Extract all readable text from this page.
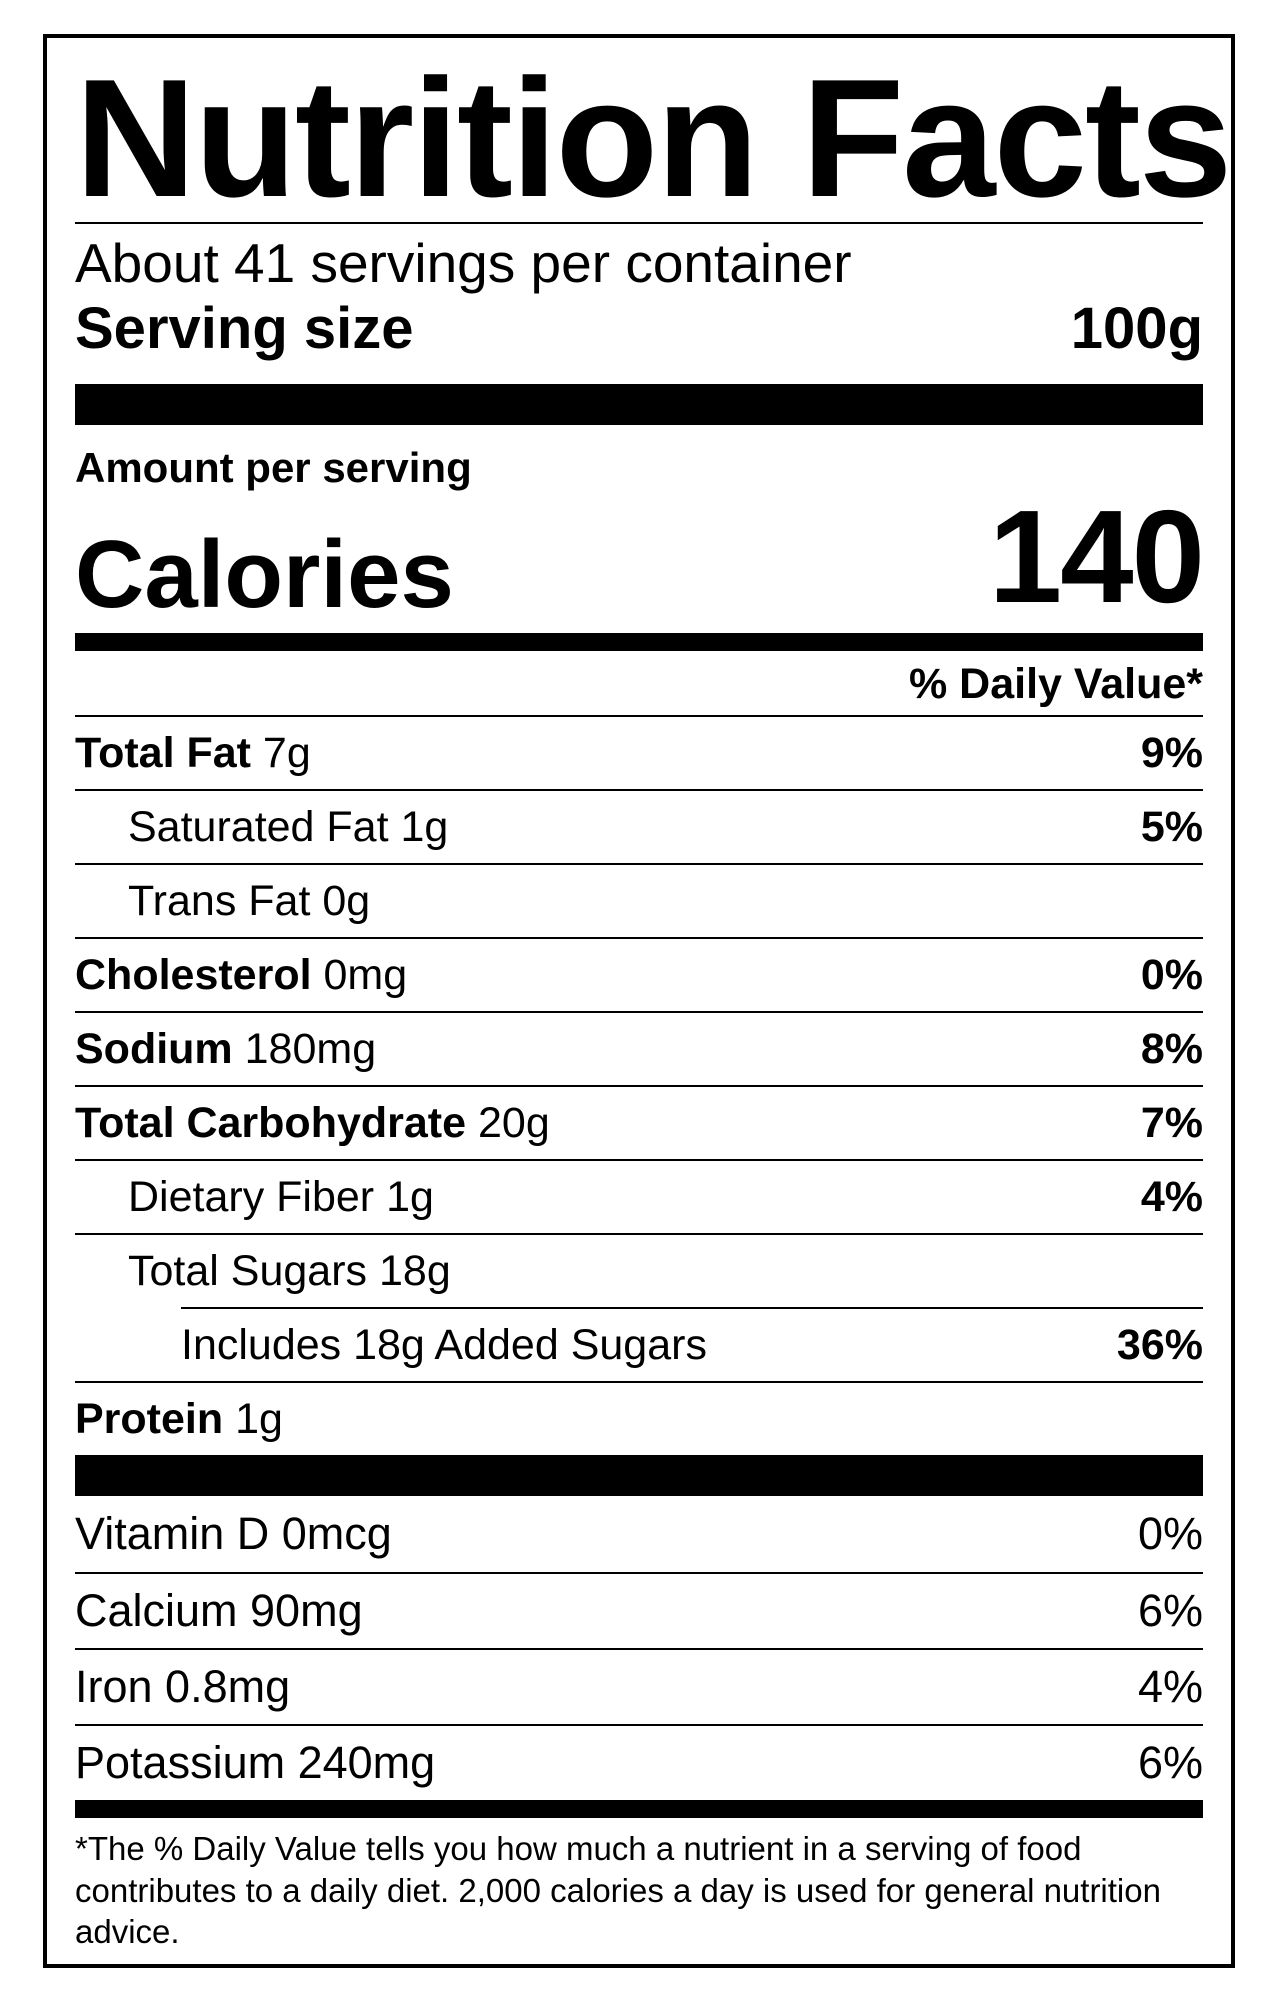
Nutrition Facts
About 41 servings per container
Serving size	100g
Amount per serving
Calories	140
% Daily Value*
Total Fat 7g	9%
Saturated Fat 1g	5%
Trans Fat 0g
Cholesterol 0mg	0%
Sodium 180mg	8%
Total Carbohydrate 20g	7%
Dietary Fiber 1g	4%
Total Sugars 18g
Includes 18g Added Sugars	36%
Protein 1g
Vitamin D 0mcg	0%
Calcium 90mg	6%
Iron 0.8mg	4%
Potassium 240mg	6%
*The % Daily Value tells you how much a nutrient in a serving of food contributes to a daily diet. 2,000 calories a day is used for general nutrition advice.
